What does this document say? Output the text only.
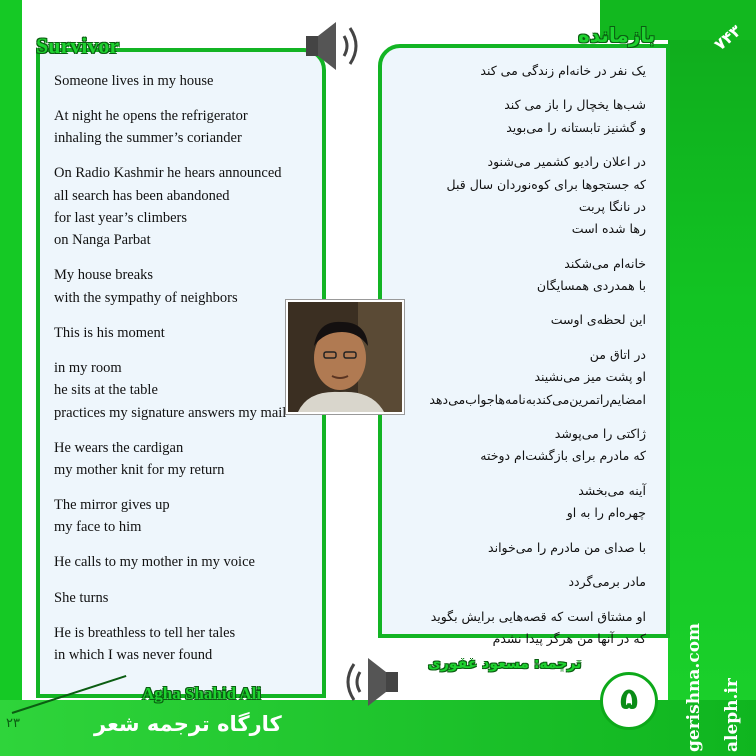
Someone lives in my house
At night he opens the refrigerator
inhaling the summer’s coriander
On Radio Kashmir he hears announced
all search has been abandoned
for last year’s climbers
on Nanga Parbat
My house breaks
with the sympathy of neighbors
This is his moment
in my room
he sits at the table
practices my signature answers my mail
He wears the cardigan
my mother knit for my return
The mirror gives up
my face to him
He calls to my mother in my voice
She turns
He is breathless to tell her tales
in which I was never found
Survivor
Agha Shahid Ali
یک نفر در خانه‌ام زندگی می کند
شب‌ها یخچال را باز می کند
و گشنیز تابستانه را می‌بوید
در اعلان رادیو کشمیر می‌شنود
که جستجوها برای کوه‌نوردان سال قبل
در نانگا پربت
رها شده است
خانه‌ام می‌شکند
با همدردی همسایگان
این لحظه‌ی اوست
در اتاق من
او پشت میز می‌نشیند
امضایم‌راتمرین‌می‌کندبه‌نامه‌هاجواب‌می‌دهد
ژاکتی را می‌پوشد
که مادرم برای بازگشت‌ام دوخته
آینه می‌بخشد
چهره‌ام را به او
با صدای من مادرم را می‌خواند
مادر برمی‌گردد
او مشتاق است که قصه‌هایی برایش بگوید
که در آنها من هرگز پیدا نشدم
بازمانده
ترجمه: مسعود غفوری
۵
۷۴۳
gerishna.com aleph.ir
۲۳	کارگاه ترجمه شعر
